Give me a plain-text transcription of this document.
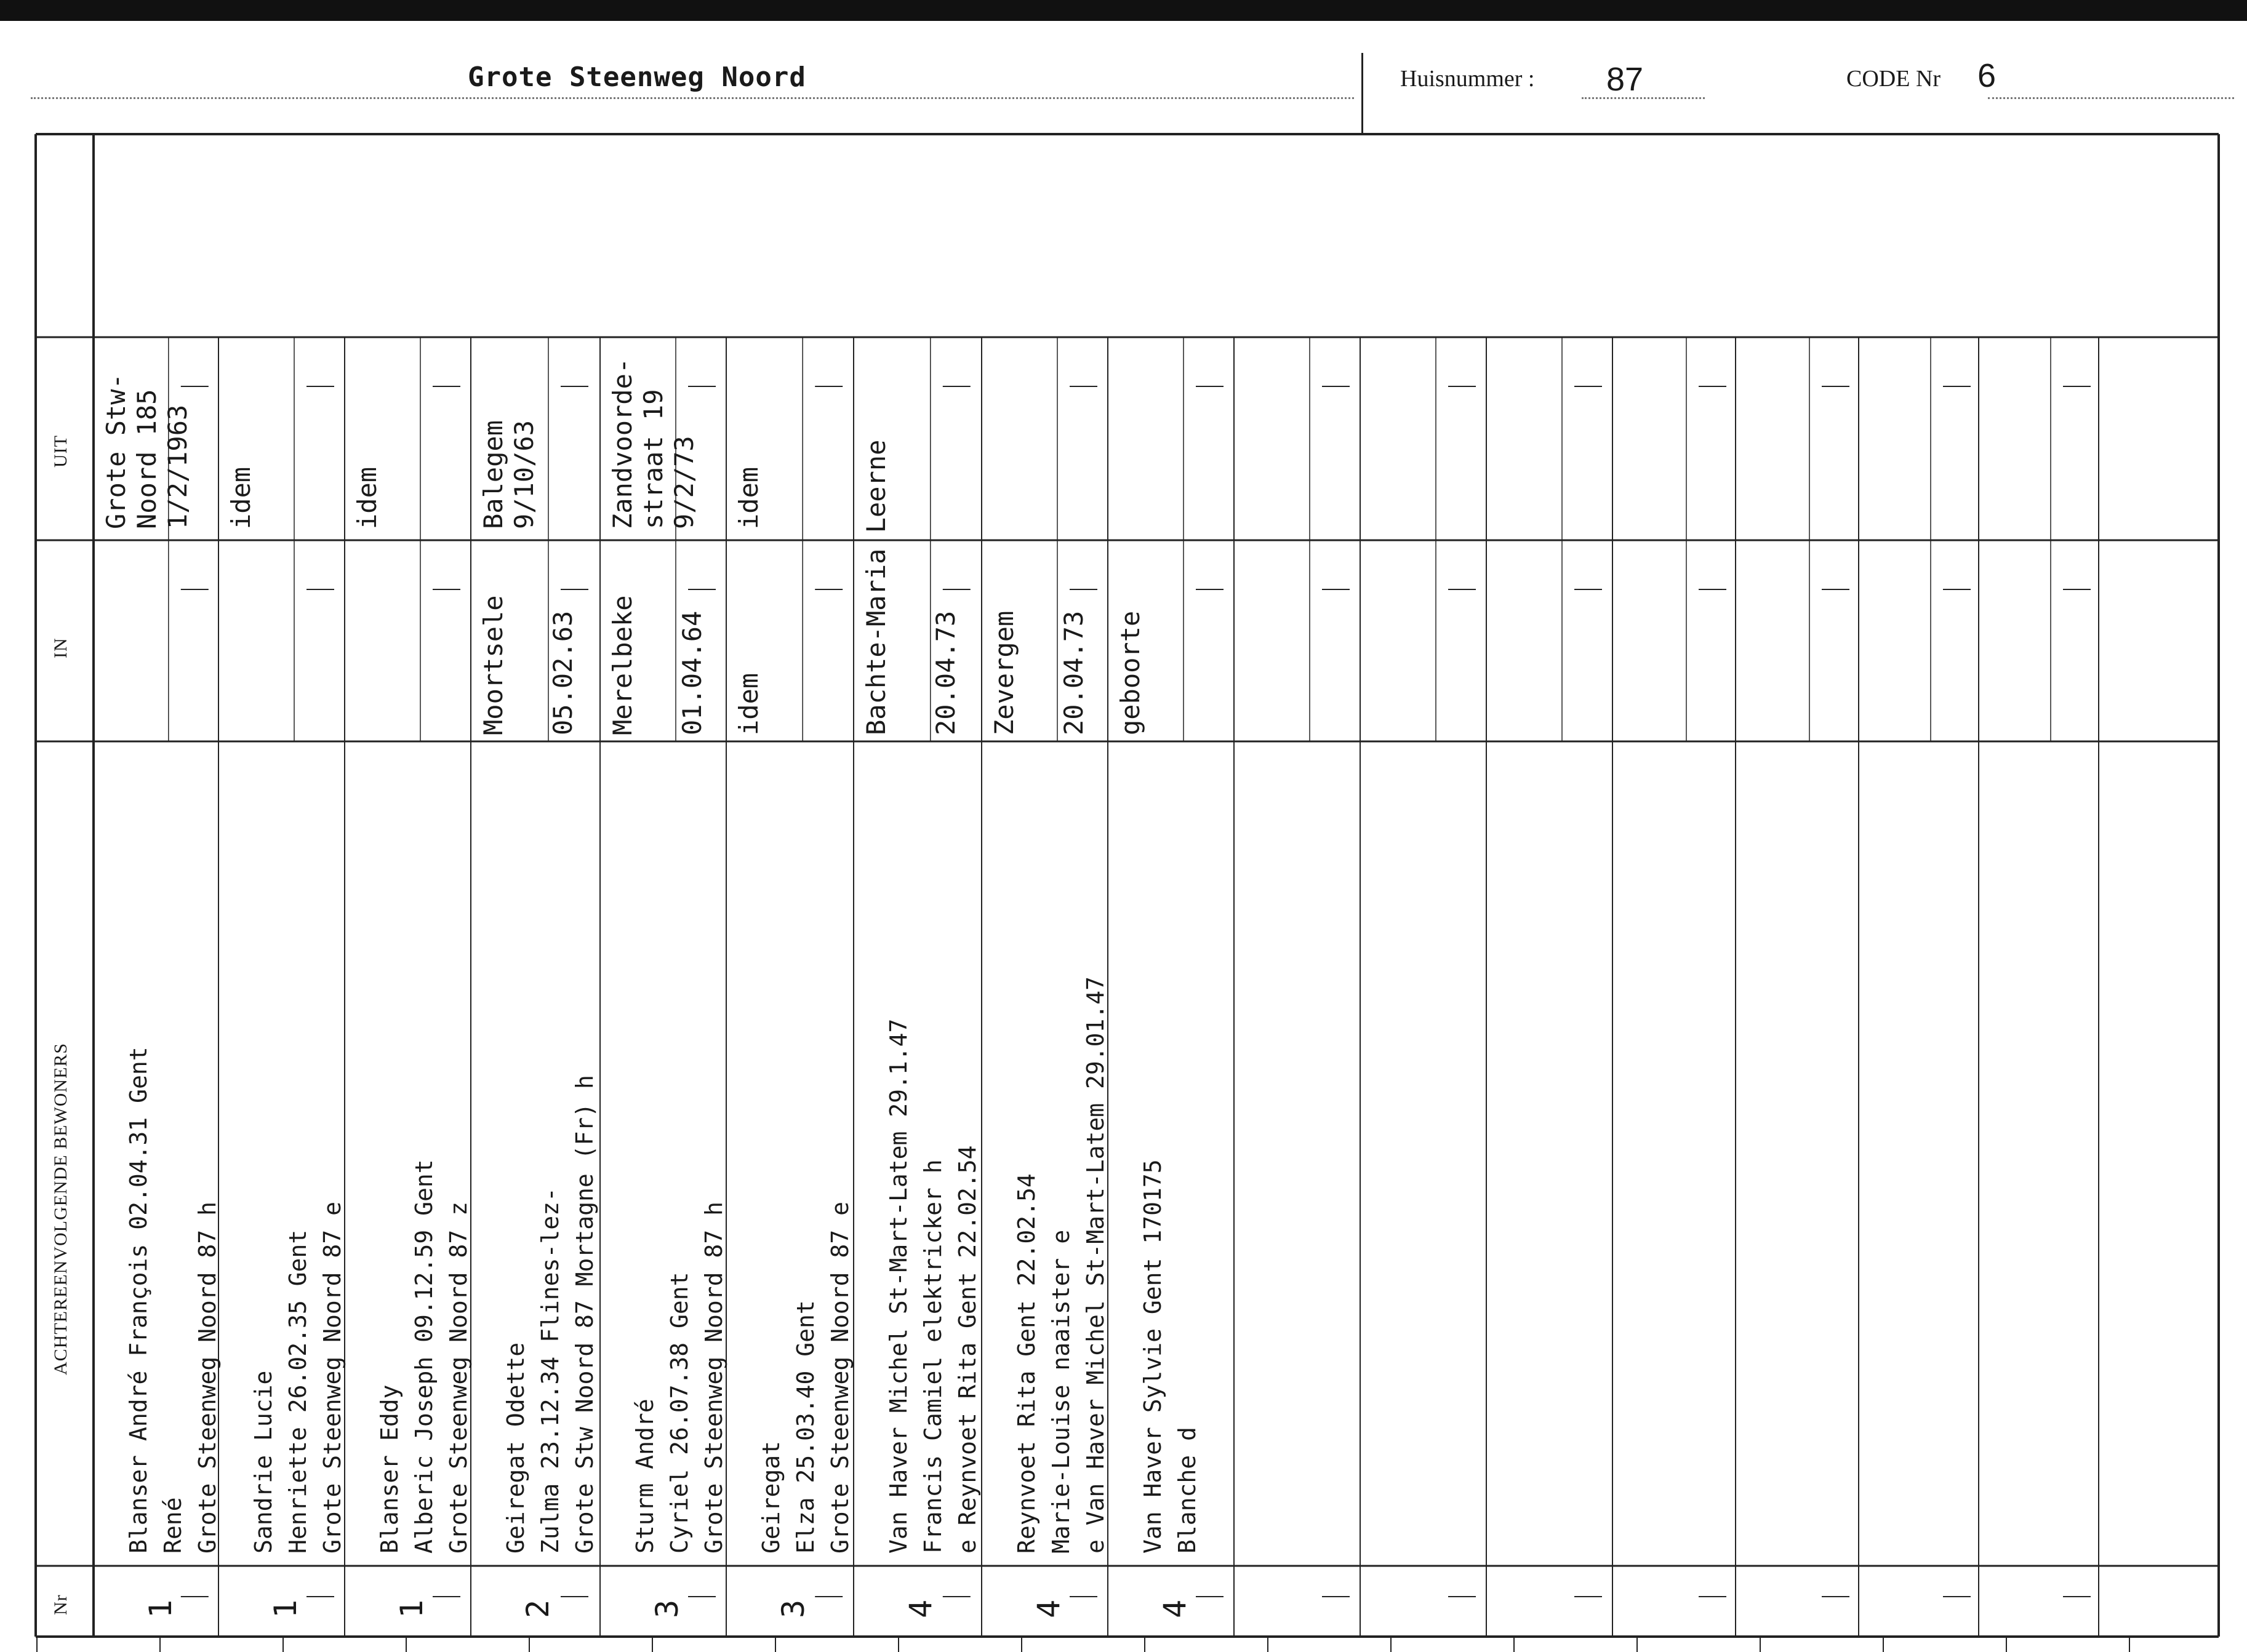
Grote Steenweg Noord	Huisnummer : 87	CODE Nr 6
UIT
IN
ACHTEREENVOLGENDE BEWONERS
Nr
Grote Stw- Noord 185 1/2/1963
Blanser André François 02.04.31 Gent René Grote Steenweg Noord 87 h
1
idem
Sandrie Lucie Henriette 26.02.35 Gent Grote Steenweg Noord 87 e
1
idem
Blanser Eddy Alberic Joseph 09.12.59 Gent Grote Steenweg Noord 87 z
1
Balegem 9/10/63
Moortsele 05.02.63
Geiregat Odette Zulma 23.12.34 Flines-lez- Grote Stw Noord 87 Mortagne (Fr) h
2
Zandvoorde- straat 19 9/2/73
Merelbeke 01.04.64
Sturm André Cyriel 26.07.38 Gent Grote Steenweg Noord 87 h
3
idem
idem
Geiregat Elza 25.03.40 Gent Grote Steenweg Noord 87 e
3
Bachte-Maria Leerne 20.04.73
Van Haver Michel St-Mart-Latem 29.1.47 Francis Camiel elektricker h e Reynvoet Rita Gent 22.02.54
4
Zevergem 20.04.73
Reynvoet Rita Gent 22.02.54 Marie-Louise naaister e e Van Haver Michel St-Mart-Latem 29.01.47
4
geboorte
Van Haver Sylvie Gent 170175 Blanche d
4
